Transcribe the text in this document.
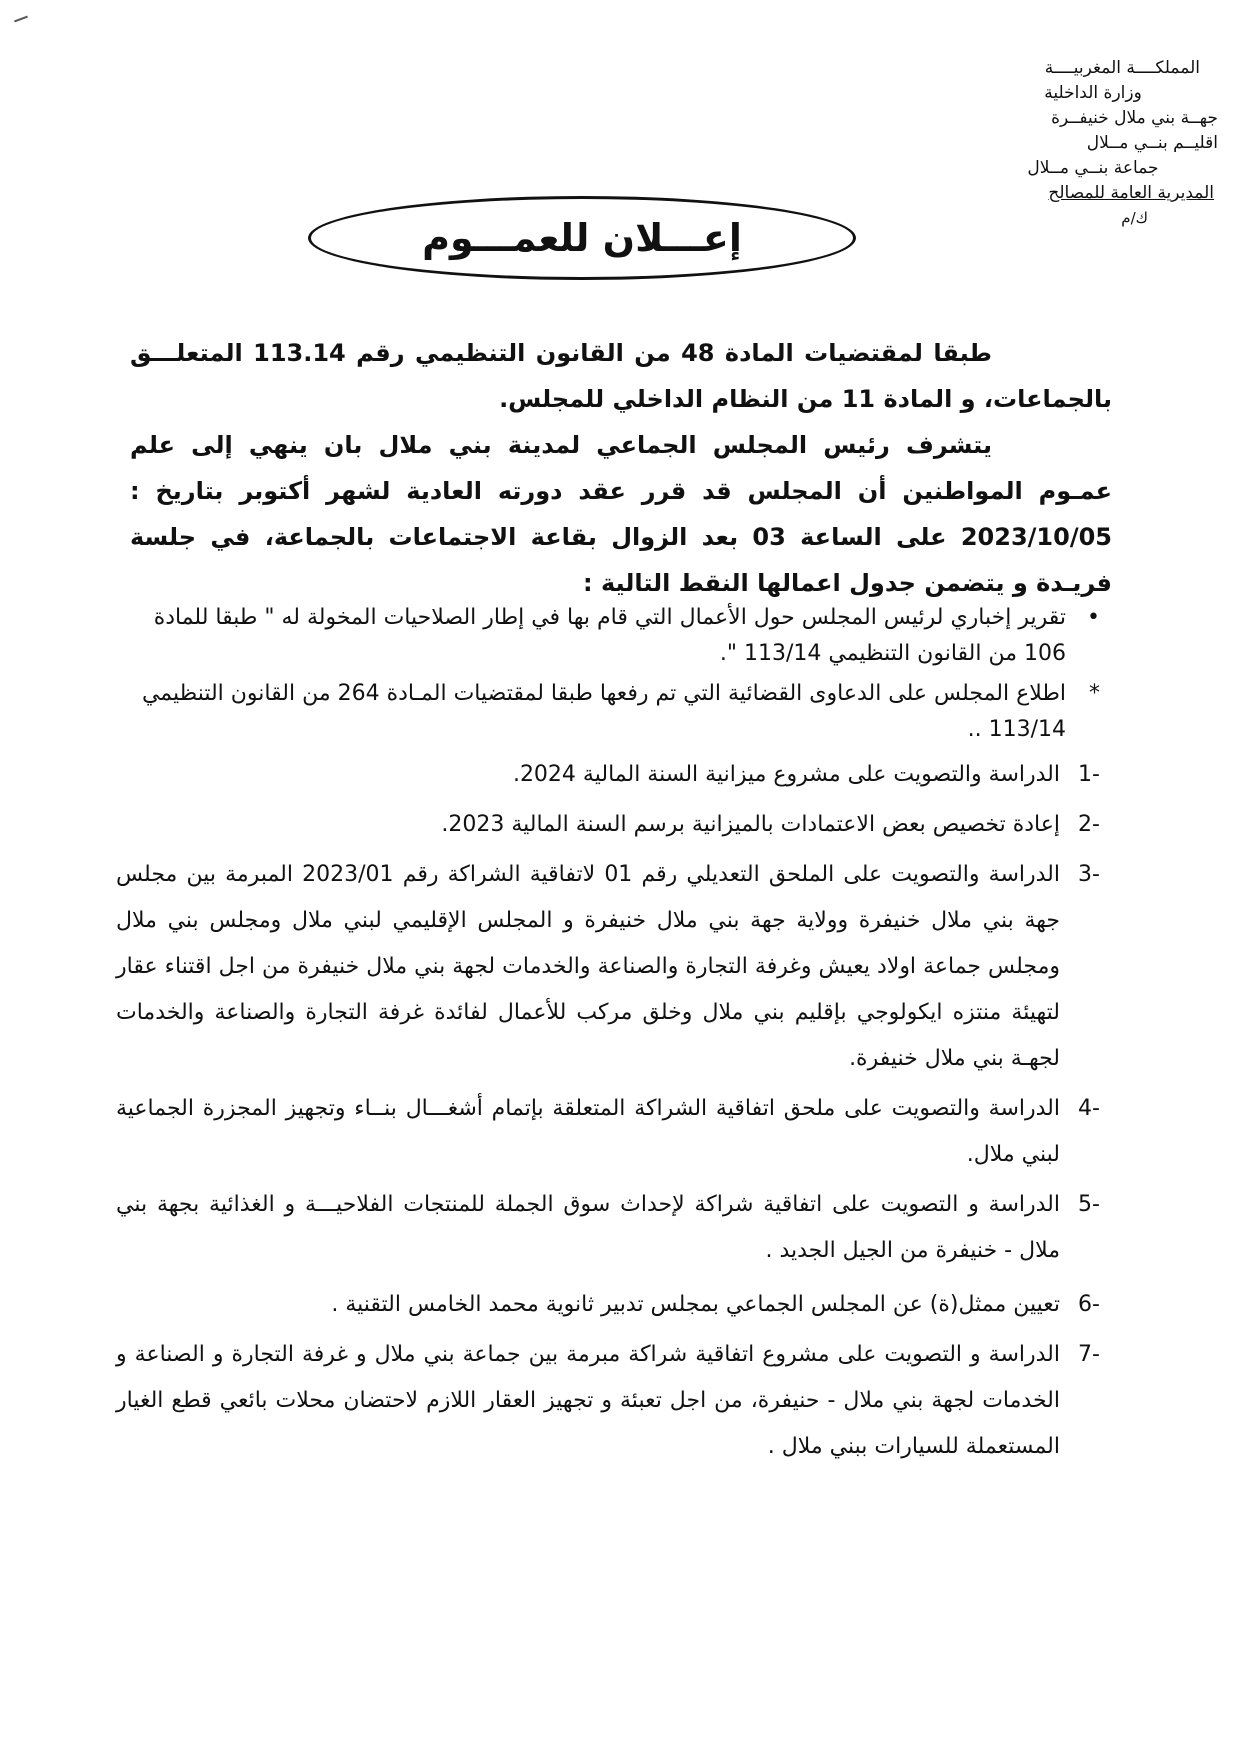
المملكــــة المغربيــــة
وزارة الداخلية
جهــة بني ملال خنيفــرة
اقليــم بنــي مــلال
جماعة بنــي مــلال
المديرية العامة للمصالح
ك/م
إعـــلان للعمـــوم

طبقا لمقتضيات المادة 48 من القانون التنظيمي رقم 113.14 المتعلـــق بالجماعات، و المادة 11 من النظام الداخلي للمجلس.

يتشرف رئيس المجلس الجماعي لمدينة بني ملال بان ينهي إلى علم عمـوم المواطنين أن المجلس قد قرر عقد دورته العادية لشهر أكتوبر بتاريخ : 2023/10/05 على الساعة 03 بعد الزوال بقاعة الاجتماعات بالجماعة، في جلسة فريـدة و يتضمن جدول اعمالها النقط التالية :

•
تقرير إخباري لرئيس المجلس حول الأعمال التي قام بها في إطار الصلاحيات المخولة له " طبقا للمادة 106 من القانون التنظيمي 113/14 ".
*
اطلاع المجلس على الدعاوى القضائية التي تم رفعها طبقا لمقتضيات المـادة 264 من القانون التنظيمي 113/14 ..
-1
الدراسة والتصويت على مشروع ميزانية السنة المالية 2024.
-2
إعادة تخصيص بعض الاعتمادات بالميزانية برسم السنة المالية 2023.
-3
الدراسة والتصويت على الملحق التعديلي رقم 01 لاتفاقية الشراكة رقم 2023/01 المبرمة بين مجلس جهة بني ملال خنيفرة وولاية جهة بني ملال خنيفرة و المجلس الإقليمي لبني ملال ومجلس بني ملال ومجلس جماعة اولاد يعيش وغرفة التجارة والصناعة والخدمات لجهة بني ملال خنيفرة من اجل اقتناء عقار لتهيئة منتزه ايكولوجي بإقليم بني ملال وخلق مركب للأعمال لفائدة غرفة التجارة والصناعة والخدمات لجهـة بني ملال خنيفرة.
-4
الدراسة والتصويت على ملحق اتفاقية الشراكة المتعلقة بإتمام أشغـــال بنــاء وتجهيز المجزرة الجماعية لبني ملال.
-5
الدراسة و التصويت على اتفاقية شراكة لإحداث سوق الجملة للمنتجات الفلاحيـــة و الغذائية بجهة بني ملال - خنيفرة من الجيل الجديد .
-6
تعيين ممثل(ة) عن المجلس الجماعي بمجلس تدبير ثانوية محمد الخامس التقنية .
-7
الدراسة و التصويت على مشروع اتفاقية شراكة مبرمة بين جماعة بني ملال و غرفة التجارة و الصناعة و الخدمات لجهة بني ملال - حنيفرة، من اجل تعبئة و تجهيز العقار اللازم لاحتضان محلات بائعي قطع الغيار المستعملة للسيارات ببني ملال .
